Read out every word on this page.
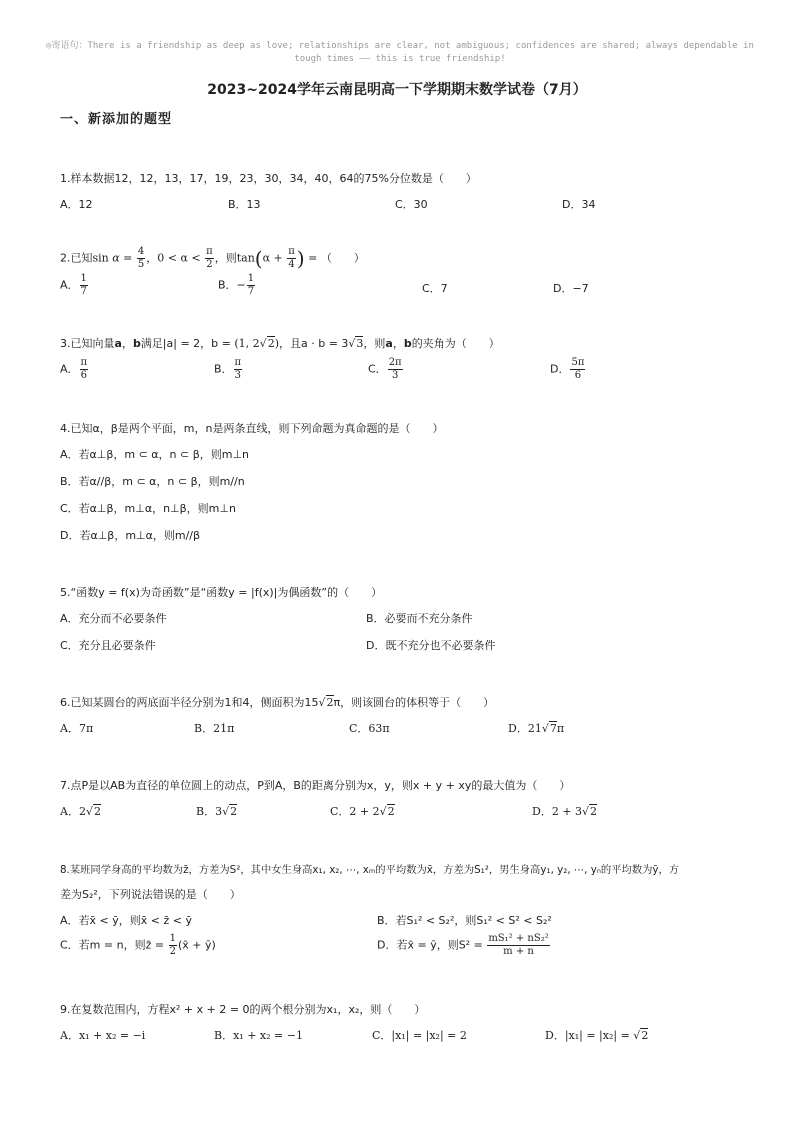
◎寄语句：There is a friendship as deep as love; relationships are clear, not ambiguous; confidences are shared; always dependable in tough times —— this is true friendship!
2023~2024学年云南昆明高一下学期期末数学试卷（7月）
一、新添加的题型
1.样本数据12，12，13，17，19，23，30，34，40，64的75%分位数是（　　）
A．12	B．13	C．30	D．34
2.已知$\sin \alpha = \frac{4}{5}$ ，$0 < \alpha < \frac{\pi}{2}$ ，则$\tan(\alpha + \frac{\pi}{4}$ ) = （　　）
A． $\frac{1}{7}$	B．− $\frac{1}{7}$	C．7	D．−7
3.已知向量a，b满足|a| = 2，b = (1, 2√2)，且a · b = 3√3，则a，b的夹角为（　　）
A． $\frac{\pi}{6}$	B． $\frac{\pi}{3}$	C． $\frac{2\pi}{3}$	D． $\frac{5\pi}{6}$
4.已知α，β是两个平面，m，n是两条直线，则下列命题为真命题的是（　　）
A．若α⊥β，m ⊂ α，n ⊂ β，则m⊥n
B．若α//β，m ⊂ α，n ⊂ β，则m//n
C．若α⊥β，m⊥α，n⊥β，则m⊥n
D．若α⊥β，m⊥α，则m//β
5.“函数y = f(x)为奇函数”是“函数y = |f(x)|为偶函数”的（　　）
A．充分而不必要条件	B．必要而不充分条件
C．充分且必要条件	D．既不充分也不必要条件
6.已知某圆台的两底面半径分别为1和4，侧面积为15√2π，则该圆台的体积等于（　　）
A．7π	B．21π	C．63π	D．21√7π
7.点P是以AB为直径的单位圆上的动点，P到A，B的距离分别为x，y，则x + y + xy的最大值为（　　）
A．2√2	B．3√2	C．2 + 2√2	D．2 + 3√2
8.某班同学身高的平均数为z̄，方差为S²，其中女生身高x₁, x₂, ⋯, xₘ的平均数为x̄，方差为S₁²，男生身高y₁, y₂, ⋯, yₙ的平均数为ȳ，方
差为S₂²，下列说法错误的是（　　）
A．若x̄ < ȳ，则x̄ < z̄ < ȳ	B．若S₁² < S₂²，则S₁² < S² < S₂²
C．若m = n，则z̄ = $\frac{1}{2}$ (x̄ + ȳ)	D．若x̄ = ȳ，则$S^2 = \frac{\text{mS₁² + nS₂²}}{m + n}$
9.在复数范围内，方程x² + x + 2 = 0的两个根分别为x₁，x₂，则（　　）
A．x₁ + x₂ = −i	B．x₁ + x₂ = −1	C．|x₁| = |x₂| = 2	D．|x₁| = |x₂| = √2
